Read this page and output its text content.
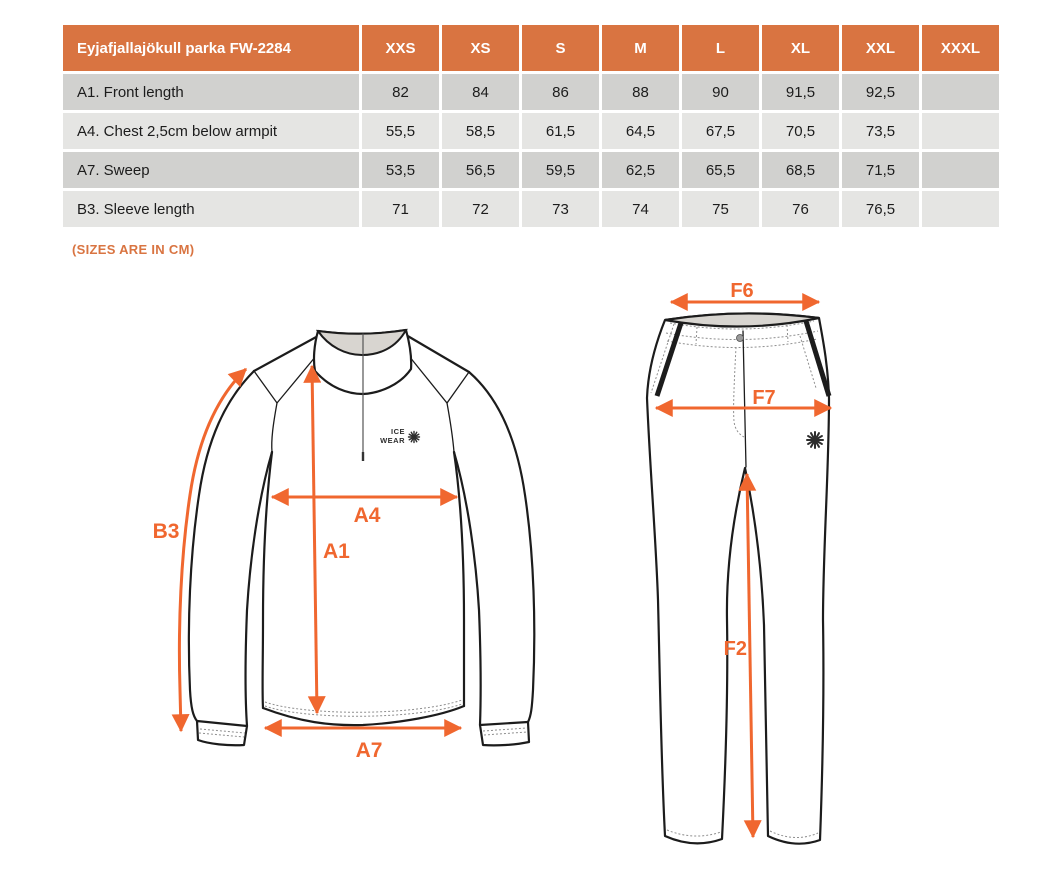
Eyjafjallajökull parka FW-2284	XXS	XS	S	M	L	XL	XXL	XXXL
A1. Front length	82	84	86	88	90	91,5	92,5	
A4. Chest 2,5cm below armpit	55,5	58,5	61,5	64,5	67,5	70,5	73,5	
A7. Sweep	53,5	56,5	59,5	62,5	65,5	68,5	71,5	
B3. Sleeve length	71	72	73	74	75	76	76,5	
(SIZES ARE IN CM)
ICE
WEAR
B3
A4
A1
A7
F6
F7
F2
